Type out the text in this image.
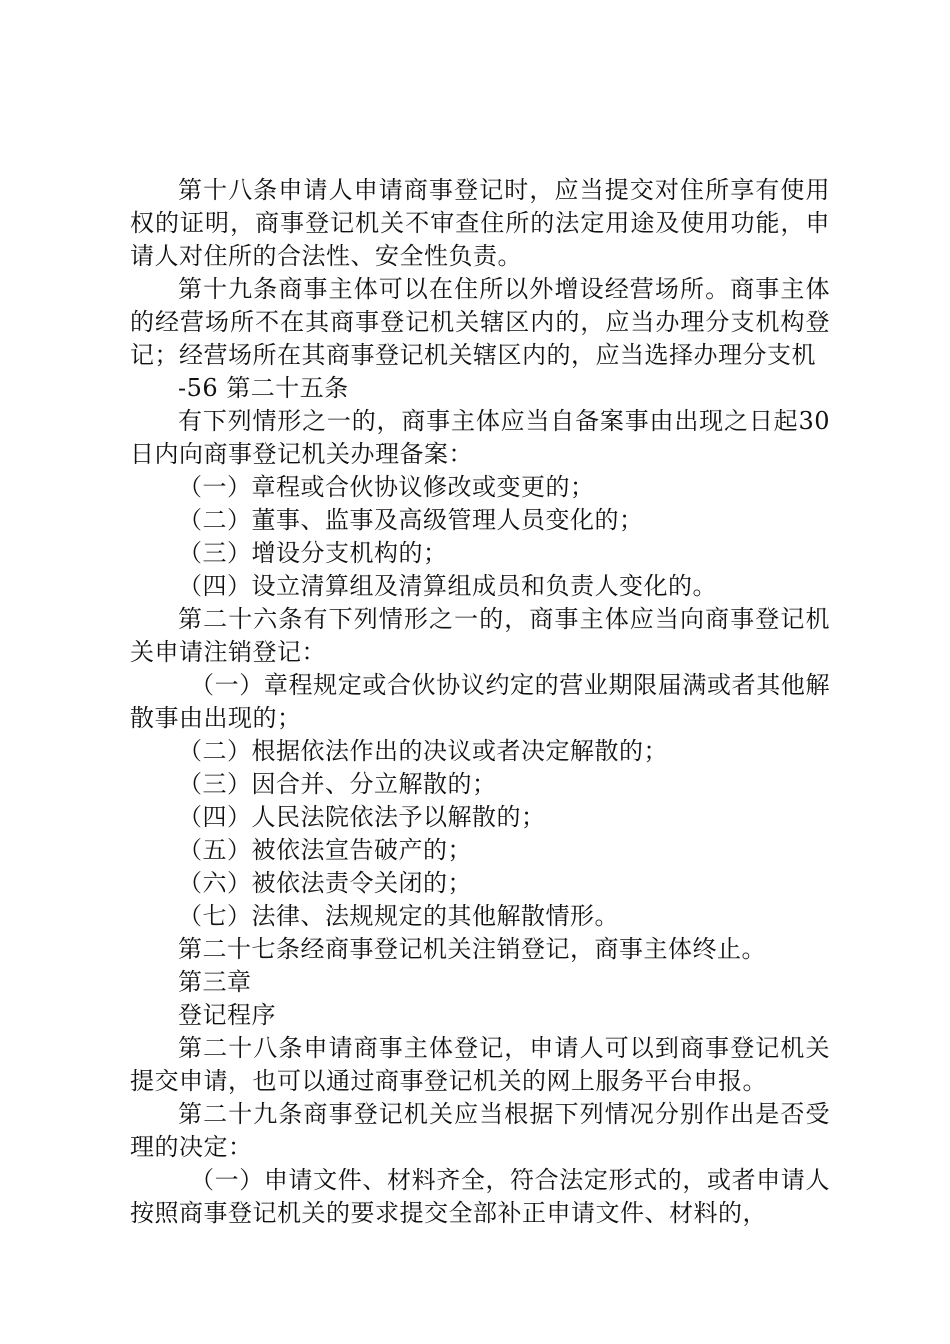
第十八条申请人申请商事登记时，应当提交对住所享有使用权的证明，商事登记机关不审查住所的法定用途及使用功能，申请人对住所的合法性、安全性负责。

第十九条商事主体可以在住所以外增设经营场所。商事主体的经营场所不在其商事登记机关辖区内的，应当办理分支机构登记；经营场所在其商事登记机关辖区内的，应当选择办理分支机

-56 第二十五条

有下列情形之一的，商事主体应当自备案事由出现之日起30日内向商事登记机关办理备案：

（一）章程或合伙协议修改或变更的；

（二）董事、监事及高级管理人员变化的；

（三）增设分支机构的；

（四）设立清算组及清算组成员和负责人变化的。

第二十六条有下列情形之一的，商事主体应当向商事登记机关申请注销登记：

（一）章程规定或合伙协议约定的营业期限届满或者其他解散事由出现的；

（二）根据依法作出的决议或者决定解散的；

（三）因合并、分立解散的；

（四）人民法院依法予以解散的；

（五）被依法宣告破产的；

（六）被依法责令关闭的；

（七）法律、法规规定的其他解散情形。

第二十七条经商事登记机关注销登记，商事主体终止。

第三章

登记程序

第二十八条申请商事主体登记，申请人可以到商事登记机关提交申请，也可以通过商事登记机关的网上服务平台申报。

第二十九条商事登记机关应当根据下列情况分别作出是否受理的决定：

（一）申请文件、材料齐全，符合法定形式的，或者申请人按照商事登记机关的要求提交全部补正申请文件、材料的，
